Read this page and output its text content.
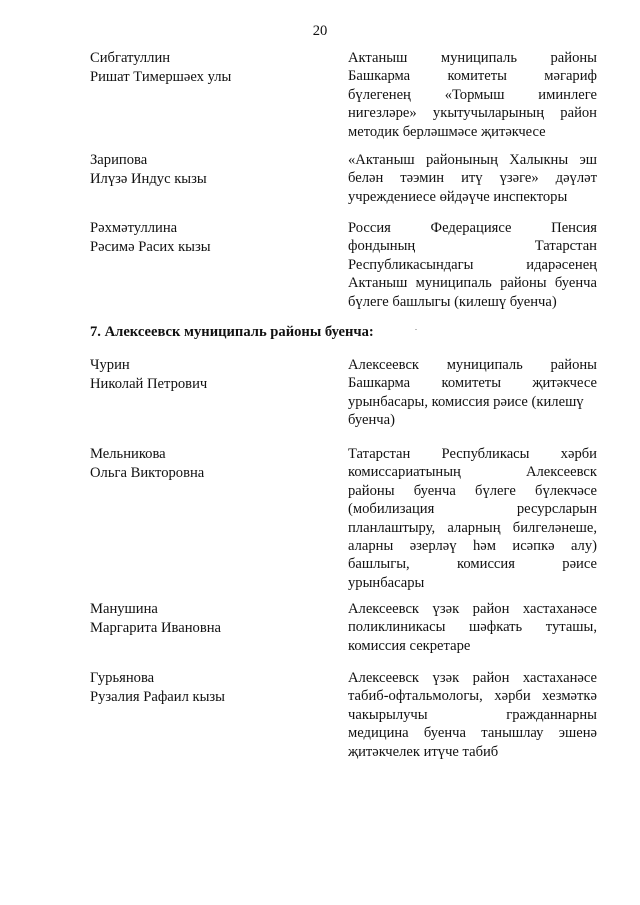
20
Сибгатуллин
Ришат Тимершәех улы
Актаныш муниципаль районы
Башкарма комитеты мәгариф
бүлегенең «Тормыш иминлеге
нигезләре» укытучыларының район
методик берләшмәсе җитәкчесе
Зарипова
Илүзә Индус кызы
«Актаныш районының Халыкны эш
белән тәэмин итү үзәге» дәүләт
учреждениесе өйдәүче инспекторы
Рәхмәтуллина
Рәсимә Расих кызы
Россия Федерациясе Пенсия
фондының Татарстан
Республикасындагы идарәсенең
Актаныш муниципаль районы буенча
бүлеге башлыгы (килешү буенча)
7. Алексеевск муниципаль районы буенча:
Чурин
Николай Петрович
Алексеевск муниципаль районы
Башкарма комитеты җитәкчесе
урынбасары, комиссия рәисе (килешү
буенча)
Мельникова
Ольга Викторовна
Татарстан Республикасы хәрби
комиссариатының Алексеевск
районы буенча бүлеге бүлекчәсе
(мобилизация ресурсларын
планлаштыру, аларның билгеләнеше,
аларны әзерләү һәм исәпкә алу)
башлыгы, комиссия рәисе
урынбасары
Манушина
Маргарита Ивановна
Алексеевск үзәк район хастаханәсе
поликлиникасы шәфкать туташы,
комиссия секретаре
Гурьянова
Рузалия Рафаил кызы
Алексеевск үзәк район хастаханәсе
табиб-офтальмологы, хәрби хезмәткә
чакырылучы гражданнарны
медицина буенча танышлау эшенә
җитәкчелек итүче табиб
